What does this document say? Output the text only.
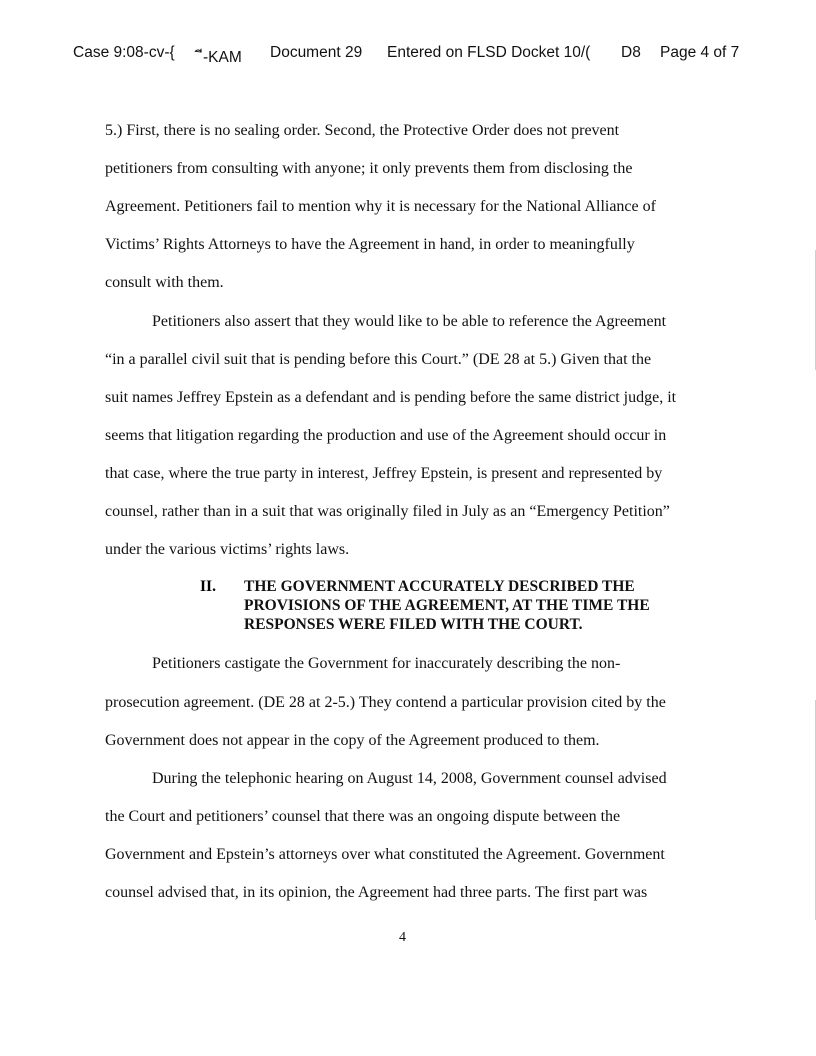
Case 9:08-cv-{ ี-KAM Document 29 Entered on FLSD Docket 10/( D8 Page 4 of 7
5.) First, there is no sealing order. Second, the Protective Order does not prevent
petitioners from consulting with anyone; it only prevents them from disclosing the
Agreement. Petitioners fail to mention why it is necessary for the National Alliance of
Victims’ Rights Attorneys to have the Agreement in hand, in order to meaningfully
consult with them.
Petitioners also assert that they would like to be able to reference the Agreement
“in a parallel civil suit that is pending before this Court.” (DE 28 at 5.) Given that the
suit names Jeffrey Epstein as a defendant and is pending before the same district judge, it
seems that litigation regarding the production and use of the Agreement should occur in
that case, where the true party in interest, Jeffrey Epstein, is present and represented by
counsel, rather than in a suit that was originally filed in July as an “Emergency Petition”
under the various victims’ rights laws.
Petitioners castigate the Government for inaccurately describing the non-
prosecution agreement. (DE 28 at 2-5.) They contend a particular provision cited by the
Government does not appear in the copy of the Agreement produced to them.
During the telephonic hearing on August 14, 2008, Government counsel advised
the Court and petitioners’ counsel that there was an ongoing dispute between the
Government and Epstein’s attorneys over what constituted the Agreement. Government
counsel advised that, in its opinion, the Agreement had three parts. The first part was
II. THE GOVERNMENT ACCURATELY DESCRIBED THE
PROVISIONS OF THE AGREEMENT, AT THE TIME THE
RESPONSES WERE FILED WITH THE COURT.
4
